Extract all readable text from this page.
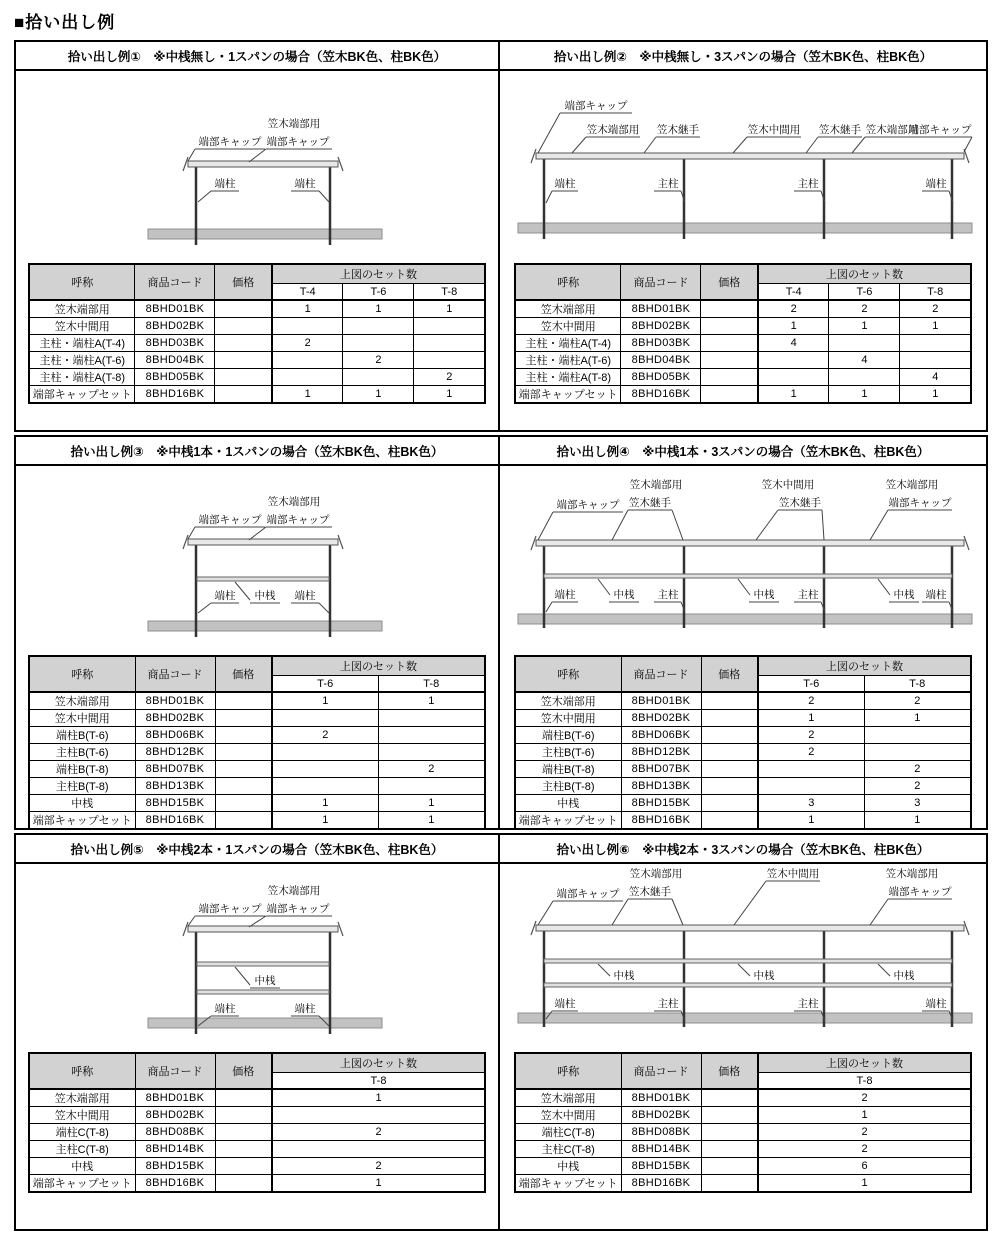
■拾い出し例
拾い出し例①　※中桟無し・1スパンの場合（笠木BK色、柱BK色）
端部キャップ
笠木端部用
端部キャップ
端柱	端柱
呼称	商品コード	価格	上図のセット数		
			T-4	T-6	T-8
笠木端部用	8BHD01BK		1	1	1
笠木中間用	8BHD02BK				
主柱・端柱A(T-4)	8BHD03BK		2		
主柱・端柱A(T-6)	8BHD04BK			2	
主柱・端柱A(T-8)	8BHD05BK				2
端部キャップセット	8BHD16BK		1	1	1
拾い出し例②　※中桟無し・3スパンの場合（笠木BK色、柱BK色）
端部キャップ
笠木端部用 笠木継手	笠木中間用 笠木継手 笠木端部用
端部キャップ
端柱	主柱	主柱	端柱
呼称	商品コード	価格	上図のセット数		
			T-4	T-6	T-8
笠木端部用	8BHD01BK		2	2	2
笠木中間用	8BHD02BK		1	1	1
主柱・端柱A(T-4)	8BHD03BK		4		
主柱・端柱A(T-6)	8BHD04BK			4	
主柱・端柱A(T-8)	8BHD05BK				4
端部キャップセット	8BHD16BK		1	1	1
拾い出し例③　※中桟1本・1スパンの場合（笠木BK色、柱BK色）
端部キャップ
笠木端部用
端部キャップ
端柱 中桟 端柱
呼称	商品コード	価格	上図のセット数	
			T-6	T-8
笠木端部用	8BHD01BK		1	1
笠木中間用	8BHD02BK			
端柱B(T-6)	8BHD06BK		2	
主柱B(T-6)	8BHD12BK			
端柱B(T-8)	8BHD07BK			2
主柱B(T-8)	8BHD13BK			
中桟	8BHD15BK		1	1
端部キャップセット	8BHD16BK		1	1
拾い出し例④　※中桟1本・3スパンの場合（笠木BK色、柱BK色）
端部キャップ
笠木端部用
笠木継手
笠木中間用
笠木継手
笠木端部用
端部キャップ
端柱	中桟 主柱	中桟 主柱	中桟 端柱
呼称	商品コード	価格	上図のセット数	
			T-6	T-8
笠木端部用	8BHD01BK		2	2
笠木中間用	8BHD02BK		1	1
端柱B(T-6)	8BHD06BK		2	
主柱B(T-6)	8BHD12BK		2	
端柱B(T-8)	8BHD07BK			2
主柱B(T-8)	8BHD13BK			2
中桟	8BHD15BK		3	3
端部キャップセット	8BHD16BK		1	1
拾い出し例⑤　※中桟2本・1スパンの場合（笠木BK色、柱BK色）
端部キャップ
笠木端部用
端部キャップ
中桟
端柱	端柱
呼称	商品コード	価格	上図のセット数
			T-8
笠木端部用	8BHD01BK		1
笠木中間用	8BHD02BK		
端柱C(T-8)	8BHD08BK		2
主柱C(T-8)	8BHD14BK		
中桟	8BHD15BK		2
端部キャップセット	8BHD16BK		1
拾い出し例⑥　※中桟2本・3スパンの場合（笠木BK色、柱BK色）
端部キャップ
笠木端部用
笠木継手
笠木中間用	笠木端部用
端部キャップ
中桟	中桟	中桟
端柱	主柱	主柱	端柱
呼称	商品コード	価格	上図のセット数
			T-8
笠木端部用	8BHD01BK		2
笠木中間用	8BHD02BK		1
端柱C(T-8)	8BHD08BK		2
主柱C(T-8)	8BHD14BK		2
中桟	8BHD15BK		6
端部キャップセット	8BHD16BK		1
